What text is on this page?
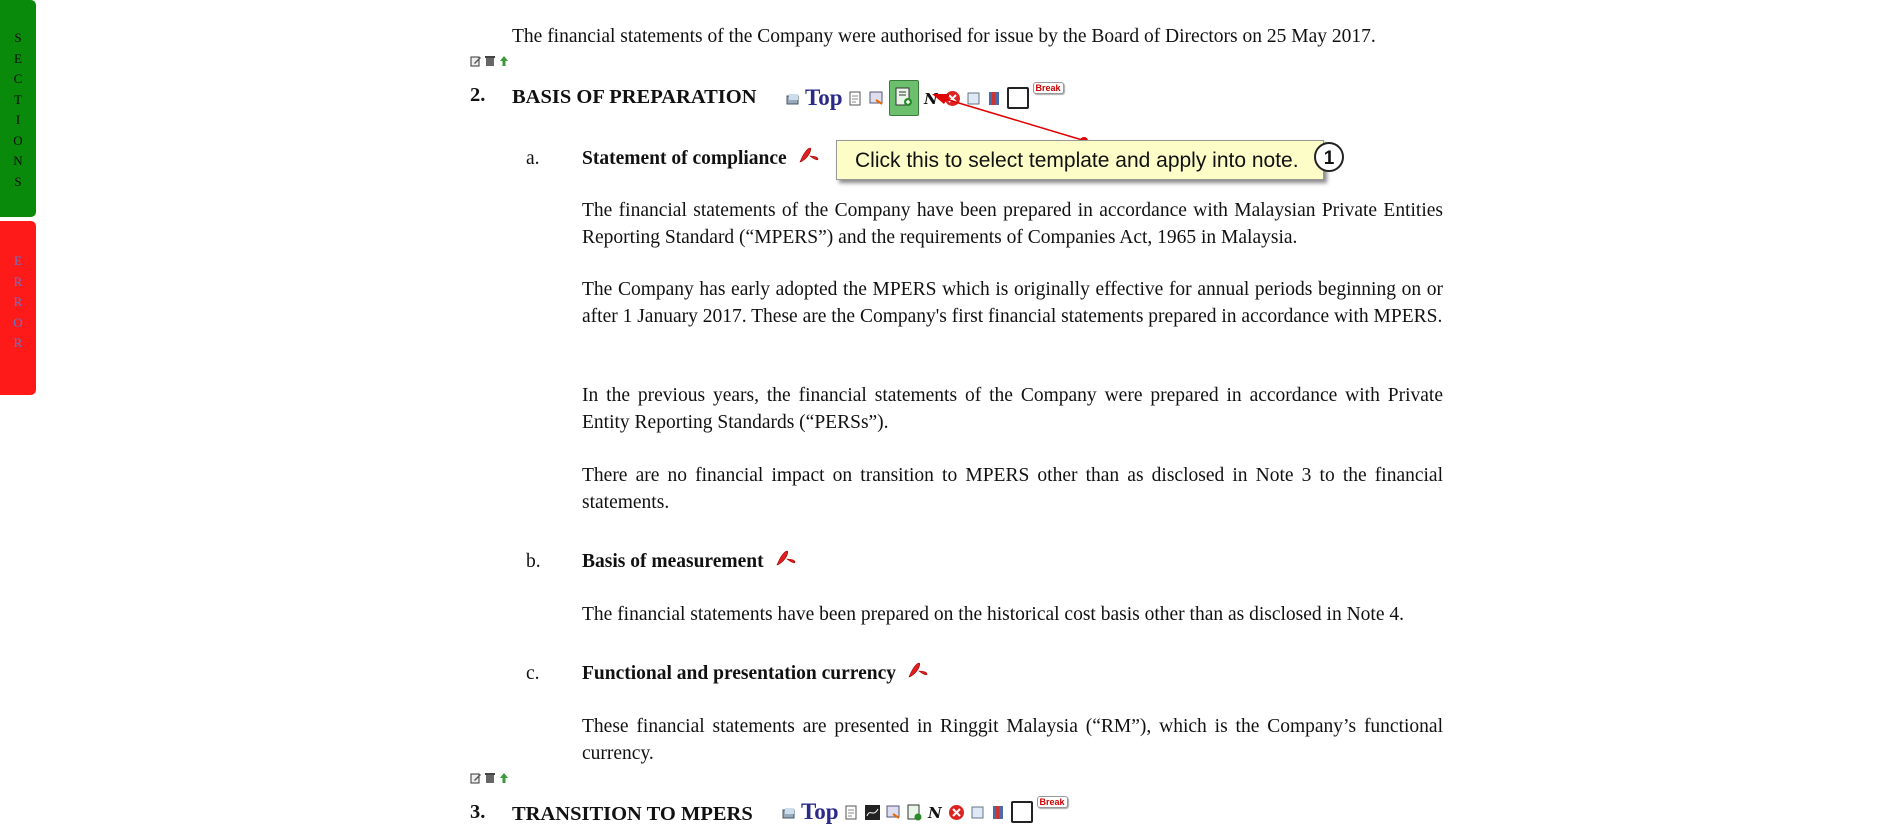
S
E
C
T
I
O
N
S
E
R
R
O
R
The financial statements of the Company were authorised for issue by the Board of Directors on 25 May 2017.
2. BASIS OF PREPARATION Top	N
Break
Click this to select template and apply into note.	1
a. Statement of compliance
The financial statements of the Company have been prepared in accordance with Malaysian Private Entities Reporting Standard (“MPERS”) and the requirements of Companies Act, 1965 in Malaysia.
The Company has early adopted the MPERS which is originally effective for annual periods beginning on or after 1 January 2017. These are the Company's first financial statements prepared in accordance with MPERS.
In the previous years, the financial statements of the Company were prepared in accordance with Private Entity Reporting Standards (“PERSs”).
There are no financial impact on transition to MPERS other than as disclosed in Note 3 to the financial statements.
b. Basis of measurement
The financial statements have been prepared on the historical cost basis other than as disclosed in Note 4.
c. Functional and presentation currency
These financial statements are presented in Ringgit Malaysia (“RM”), which is the Company’s functional currency.
3. TRANSITION TO MPERS Top	N
Break
